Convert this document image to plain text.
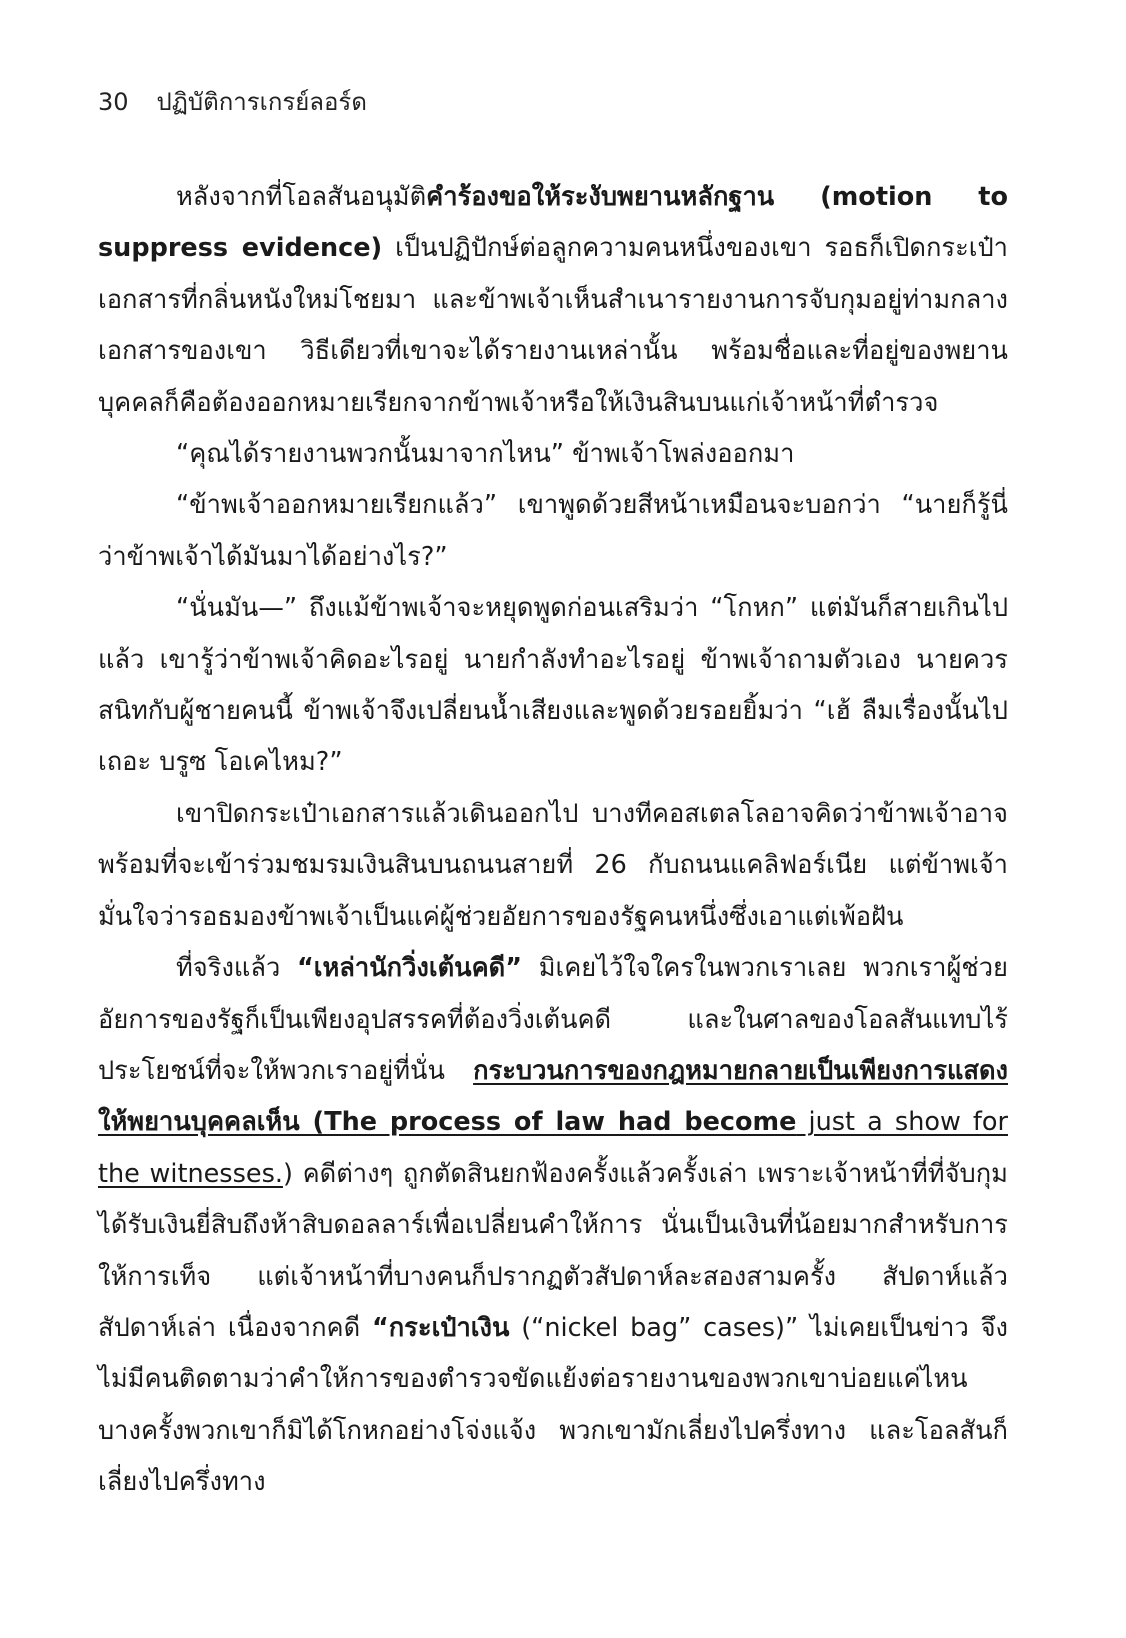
30 ปฏิบัติการเกรย์ลอร์ด

หลังจากที่โอลสันอนุมัติคำร้องขอให้ระงับพยานหลักฐาน (motion to suppress evidence) เป็นปฏิปักษ์ต่อลูกความคนหนึ่งของเขา รอธก็เปิดกระเป๋าเอกสารที่กลิ่นหนังใหม่โชยมา และข้าพเจ้าเห็นสำเนารายงานการจับกุมอยู่ท่ามกลางเอกสารของเขา วิธีเดียวที่เขาจะได้รายงานเหล่านั้น พร้อมชื่อและที่อยู่ของพยานบุคคลก็คือต้องออกหมายเรียกจากข้าพเจ้าหรือให้เงินสินบนแก่เจ้าหน้าที่ตำรวจ

“คุณได้รายงานพวกนั้นมาจากไหน” ข้าพเจ้าโพล่งออกมา

“ข้าพเจ้าออกหมายเรียกแล้ว” เขาพูดด้วยสีหน้าเหมือนจะบอกว่า “นายก็รู้นี่ว่าข้าพเจ้าได้มันมาได้อย่างไร?”

“นั่นมัน—” ถึงแม้ข้าพเจ้าจะหยุดพูดก่อนเสริมว่า “โกหก” แต่มันก็สายเกินไปแล้ว เขารู้ว่าข้าพเจ้าคิดอะไรอยู่ นายกำลังทำอะไรอยู่ ข้าพเจ้าถามตัวเอง นายควรสนิทกับผู้ชายคนนี้ ข้าพเจ้าจึงเปลี่ยนน้ำเสียงและพูดด้วยรอยยิ้มว่า “เฮ้ ลืมเรื่องนั้นไปเถอะ บรูซ โอเคไหม?”

เขาปิดกระเป๋าเอกสารแล้วเดินออกไป บางทีคอสเตลโลอาจคิดว่าข้าพเจ้าอาจพร้อมที่จะเข้าร่วมชมรมเงินสินบนถนนสายที่ 26 กับถนนแคลิฟอร์เนีย แต่ข้าพเจ้ามั่นใจว่ารอธมองข้าพเจ้าเป็นแค่ผู้ช่วยอัยการของรัฐคนหนึ่งซึ่งเอาแต่เพ้อฝัน

ที่จริงแล้ว “เหล่านักวิ่งเต้นคดี” มิเคยไว้ใจใครในพวกเราเลย พวกเราผู้ช่วยอัยการของรัฐก็เป็นเพียงอุปสรรคที่ต้องวิ่งเต้นคดี และในศาลของโอลสันแทบไร้ประโยชน์ที่จะให้พวกเราอยู่ที่นั่น กระบวนการของกฎหมายกลายเป็นเพียงการแสดงให้พยานบุคคลเห็น (The process of law had become just a show for the witnesses.) คดีต่างๆ ถูกตัดสินยกฟ้องครั้งแล้วครั้งเล่า เพราะเจ้าหน้าที่ที่จับกุมได้รับเงินยี่สิบถึงห้าสิบดอลลาร์เพื่อเปลี่ยนคำให้การ นั่นเป็นเงินที่น้อยมากสำหรับการให้การเท็จ แต่เจ้าหน้าที่บางคนก็ปรากฏตัวสัปดาห์ละสองสามครั้ง สัปดาห์แล้วสัปดาห์เล่า เนื่องจากคดี “กระเป๋าเงิน (“nickel bag” cases)” ไม่เคยเป็นข่าว จึงไม่มีคนติดตามว่าคำให้การของตำรวจขัดแย้งต่อรายงานของพวกเขาบ่อยแค่ไหน บางครั้งพวกเขาก็มิได้โกหกอย่างโจ่งแจ้ง พวกเขามักเลี่ยงไปครึ่งทาง และโอลสันก็เลี่ยงไปครึ่งทาง
